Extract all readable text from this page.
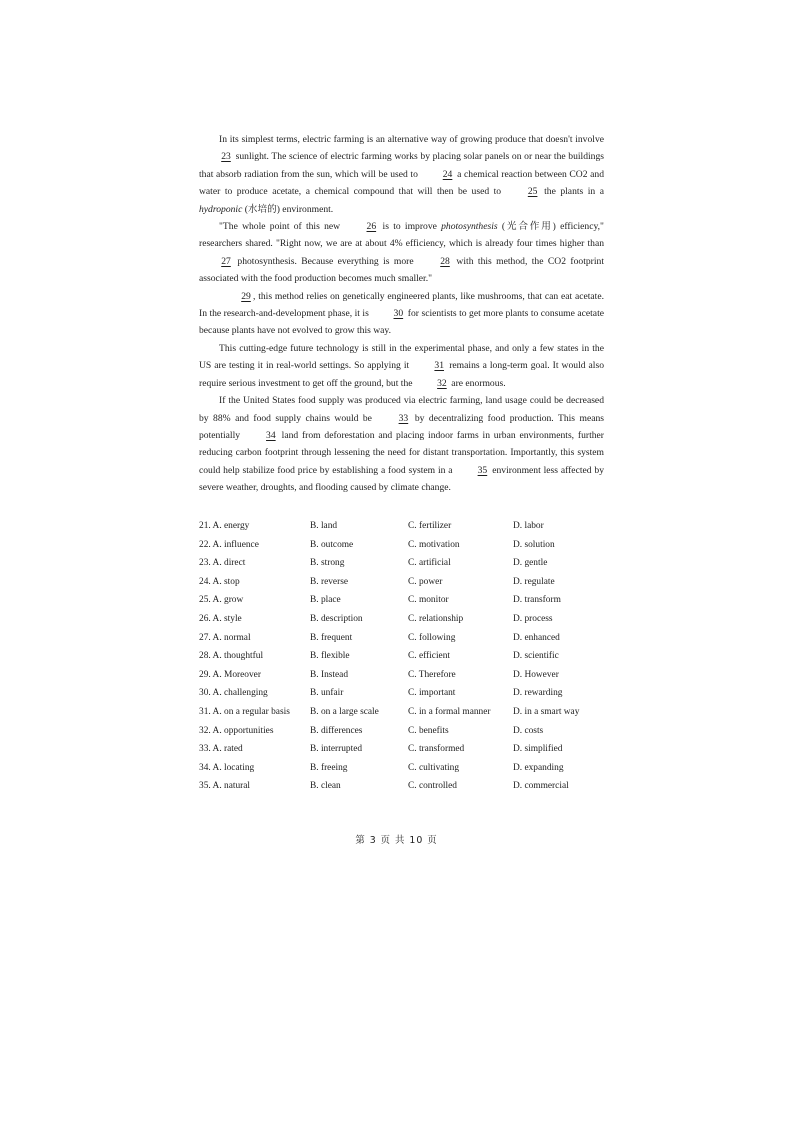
In its simplest terms, electric farming is an alternative way of growing produce that doesn't involve 23 sunlight. The science of electric farming works by placing solar panels on or near the buildings that absorb radiation from the sun, which will be used to 24 a chemical reaction between CO2 and water to produce acetate, a chemical compound that will then be used to 25 the plants in a hydroponic (水培的) environment.

"The whole point of this new 26 is to improve photosynthesis (光合作用) efficiency," researchers shared. "Right now, we are at about 4% efficiency, which is already four times higher than 27 photosynthesis. Because everything is more 28 with this method, the CO2 footprint associated with the food production becomes much smaller."

29 , this method relies on genetically engineered plants, like mushrooms, that can eat acetate. In the research-and-development phase, it is 30 for scientists to get more plants to consume acetate because plants have not evolved to grow this way.

This cutting-edge future technology is still in the experimental phase, and only a few states in the US are testing it in real-world settings. So applying it 31 remains a long-term goal. It would also require serious investment to get off the ground, but the 32 are enormous.

If the United States food supply was produced via electric farming, land usage could be decreased by 88% and food supply chains would be 33 by decentralizing food production. This means potentially 34 land from deforestation and placing indoor farms in urban environments, further reducing carbon footprint through lessening the need for distant transportation. Importantly, this system could help stabilize food price by establishing a food system in a 35 environment less affected by severe weather, droughts, and flooding caused by climate change.

21. A. energy	B. land	C. fertilizer	D. labor
22. A. influence	B. outcome	C. motivation	D. solution
23. A. direct	B. strong	C. artificial	D. gentle
24. A. stop	B. reverse	C. power	D. regulate
25. A. grow	B. place	C. monitor	D. transform
26. A. style	B. description	C. relationship	D. process
27. A. normal	B. frequent	C. following	D. enhanced
28. A. thoughtful	B. flexible	C. efficient	D. scientific
29. A. Moreover	B. Instead	C. Therefore	D. However
30. A. challenging	B. unfair	C. important	D. rewarding
31. A. on a regular basis B. on a large scale	C. in a formal manner D. in a smart way
32. A. opportunities	B. differences	C. benefits	D. costs
33. A. rated	B. interrupted	C. transformed	D. simplified
34. A. locating	B. freeing	C. cultivating	D. expanding
35. A. natural	B. clean	C. controlled	D. commercial
第 3 页 共 10 页
